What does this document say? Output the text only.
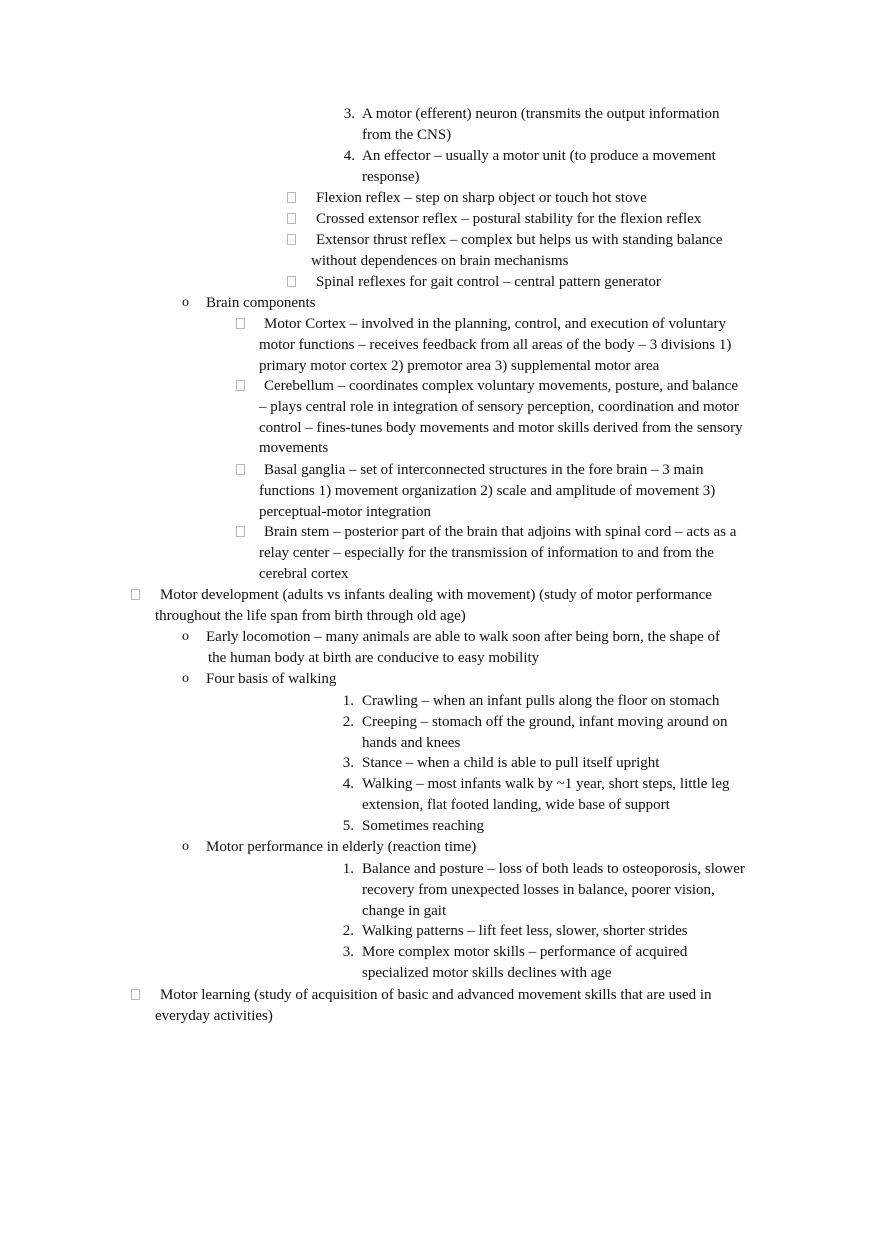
3. A motor (efferent) neuron (transmits the output information
from the CNS)
4. An effector – usually a motor unit (to produce a movement
response)
Flexion reflex – step on sharp object or touch hot stove
Crossed extensor reflex – postural stability for the flexion reflex
Extensor thrust reflex – complex but helps us with standing balance
without dependences on brain mechanisms
Spinal reflexes for gait control – central pattern generator
o Brain components
Motor Cortex – involved in the planning, control, and execution of voluntary
motor functions – receives feedback from all areas of the body – 3 divisions 1)
primary motor cortex 2) premotor area 3) supplemental motor area
Cerebellum – coordinates complex voluntary movements, posture, and balance
– plays central role in integration of sensory perception, coordination and motor
control – fines-tunes body movements and motor skills derived from the sensory
movements
Basal ganglia – set of interconnected structures in the fore brain – 3 main
functions 1) movement organization 2) scale and amplitude of movement 3)
perceptual-motor integration
Brain stem – posterior part of the brain that adjoins with spinal cord – acts as a
relay center – especially for the transmission of information to and from the
cerebral cortex
Motor development (adults vs infants dealing with movement) (study of motor performance
throughout the life span from birth through old age)
o Early locomotion – many animals are able to walk soon after being born, the shape of
the human body at birth are conducive to easy mobility
o Four basis of walking
1. Crawling – when an infant pulls along the floor on stomach
2. Creeping – stomach off the ground, infant moving around on
hands and knees
3. Stance – when a child is able to pull itself upright
4. Walking – most infants walk by ~1 year, short steps, little leg
extension, flat footed landing, wide base of support
5. Sometimes reaching
o Motor performance in elderly (reaction time)
1. Balance and posture – loss of both leads to osteoporosis, slower
recovery from unexpected losses in balance, poorer vision,
change in gait
2. Walking patterns – lift feet less, slower, shorter strides
3. More complex motor skills – performance of acquired
specialized motor skills declines with age
Motor learning (study of acquisition of basic and advanced movement skills that are used in
everyday activities)
